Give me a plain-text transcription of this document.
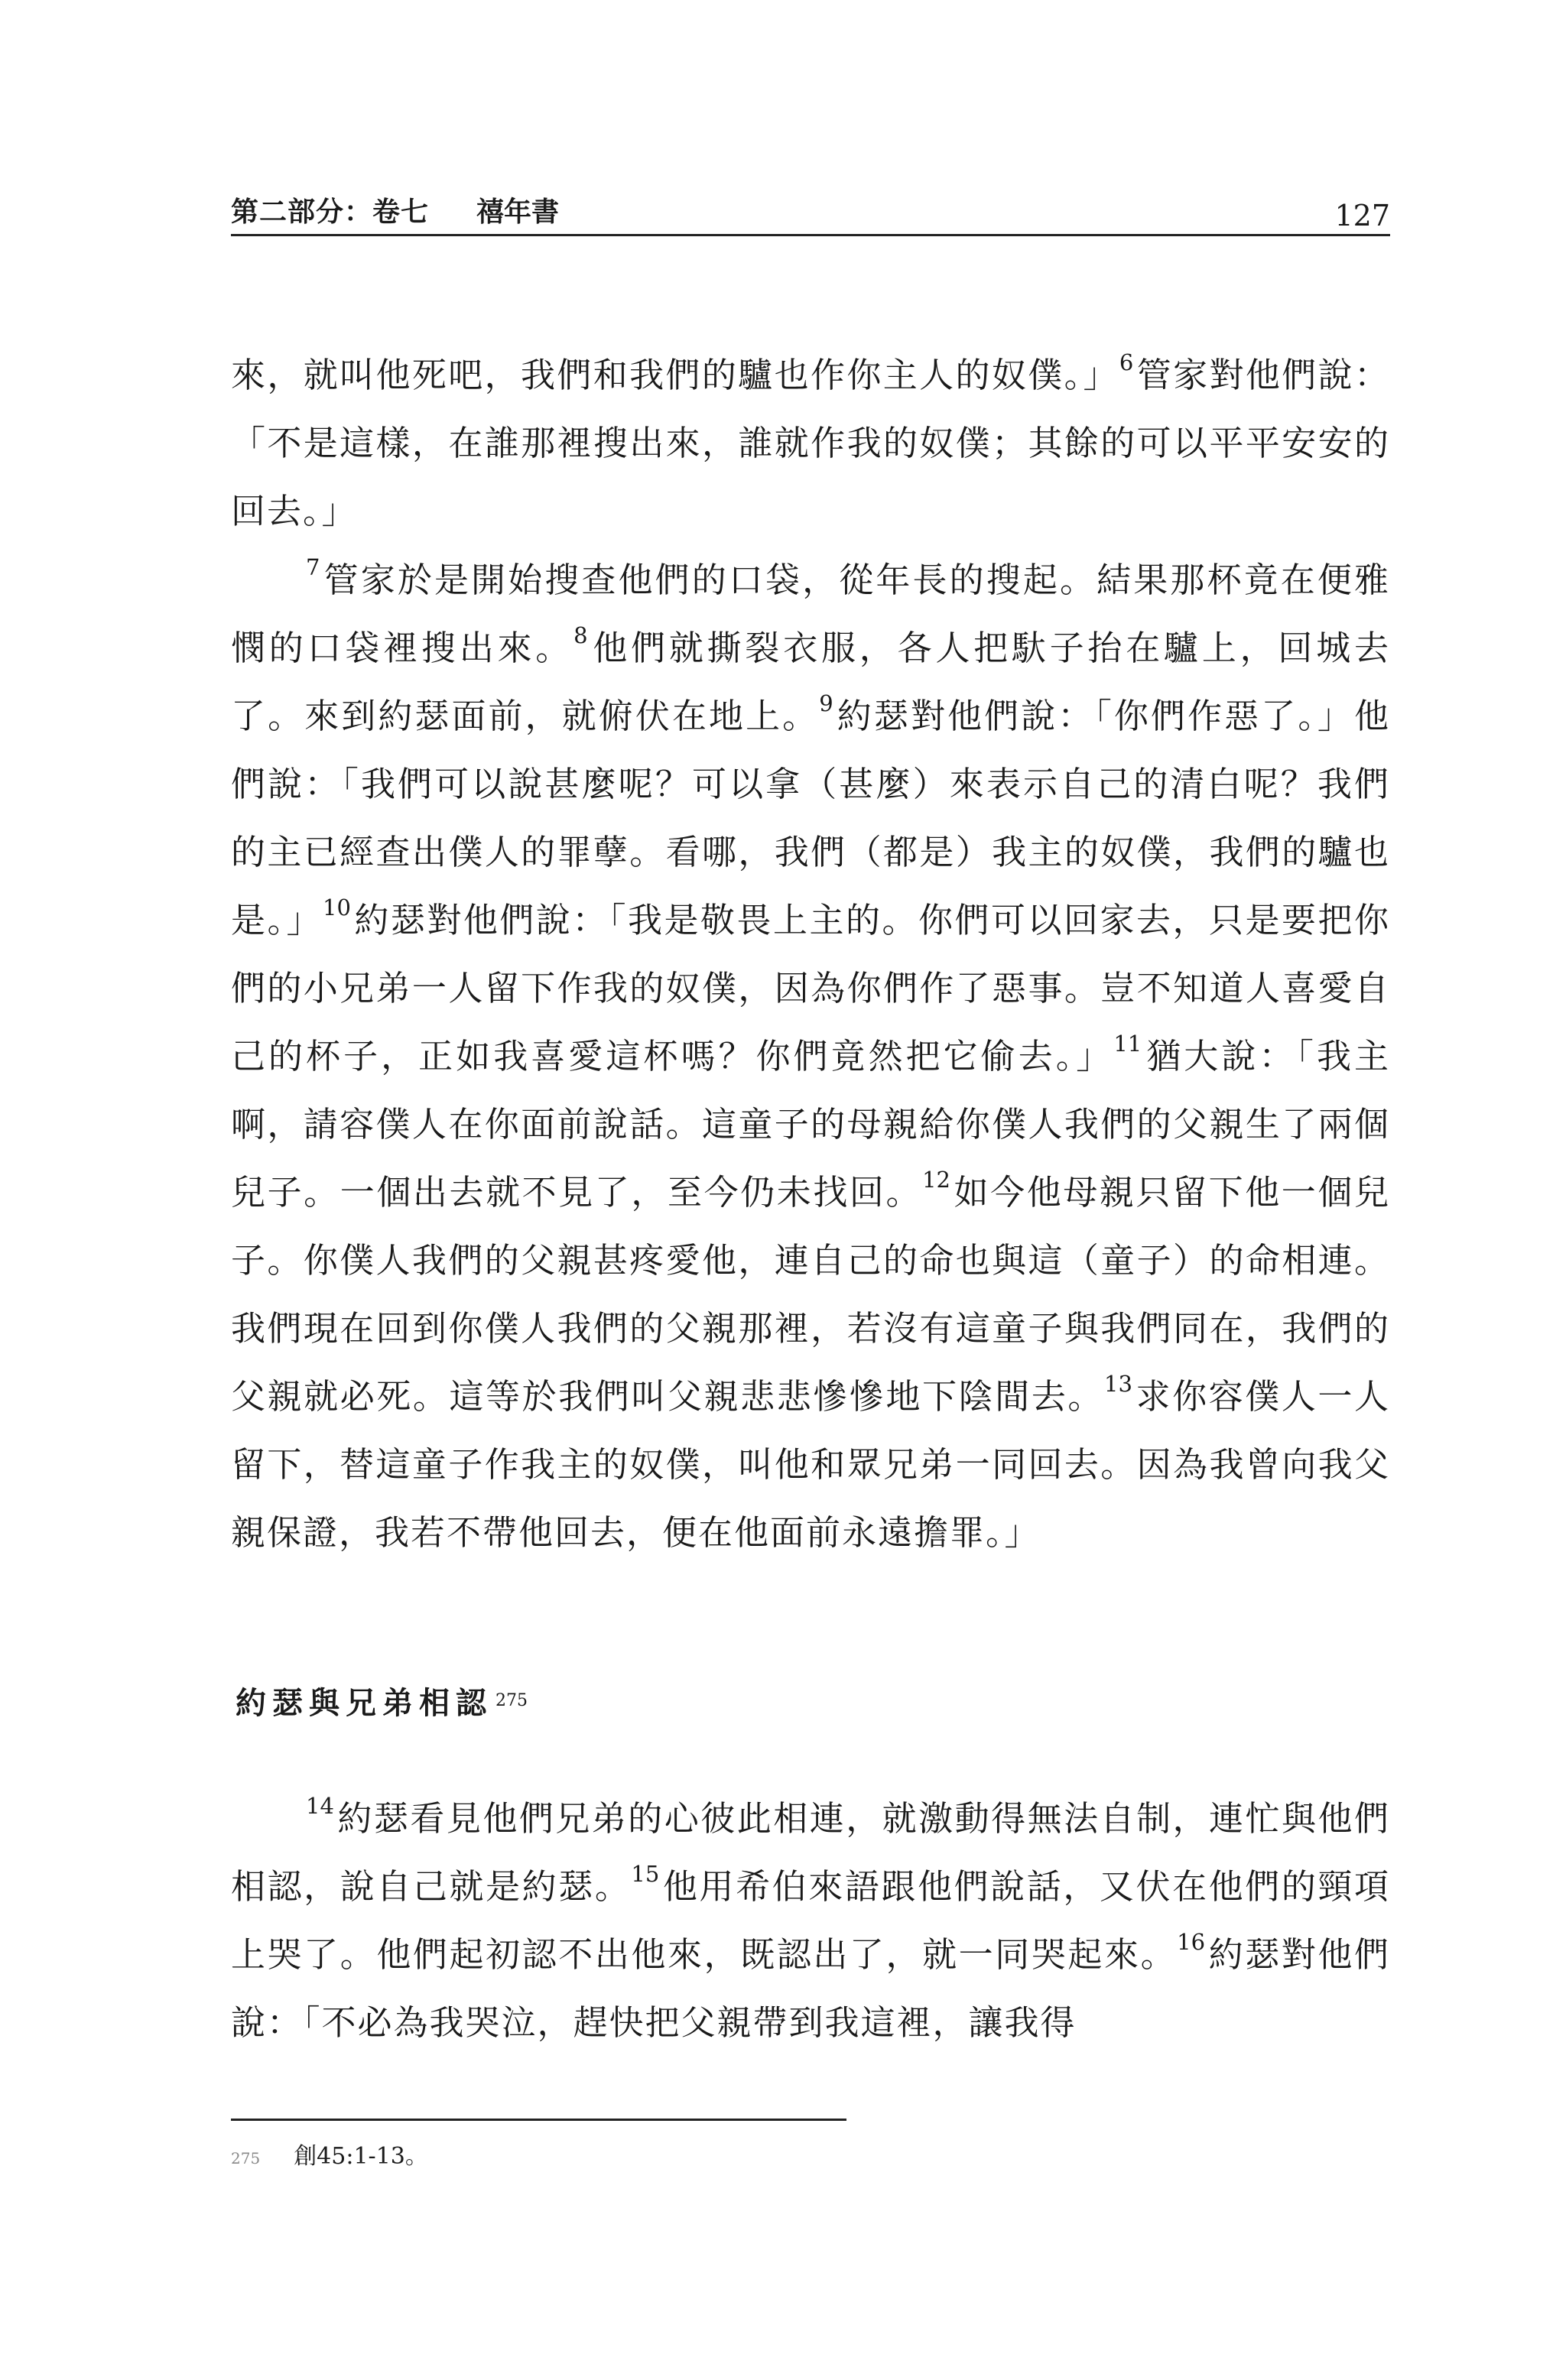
第二部分：卷七 禧年書	127

來，就叫他死吧，我們和我們的驢也作你主人的奴僕。」$^6$管家對他們說：「不是這樣，在誰那裡搜出來，誰就作我的奴僕；其餘的可以平平安安的回去。」

$^7$管家於是開始搜查他們的口袋，從年長的搜起。結果那杯竟在便雅憫的口袋裡搜出來。$^8$他們就撕裂衣服，各人把馱子抬在驢上，回城去了。來到約瑟面前，就俯伏在地上。$^9$約瑟對他們說：「你們作惡了。」他們說：「我們可以說甚麼呢？可以拿（甚麼）來表示自己的清白呢？我們的主已經查出僕人的罪孽。看哪，我們（都是）我主的奴僕，我們的驢也是。」$^{10}$約瑟對他們說：「我是敬畏上主的。你們可以回家去，只是要把你們的小兄弟一人留下作我的奴僕，因為你們作了惡事。豈不知道人喜愛自己的杯子，正如我喜愛這杯嗎？你們竟然把它偷去。」$^{11}$猶大說：「我主啊，請容僕人在你面前說話。這童子的母親給你僕人我們的父親生了兩個兒子。一個出去就不見了，至今仍未找回。$^{12}$如今他母親只留下他一個兒子。你僕人我們的父親甚疼愛他，連自己的命也與這（童子）的命相連。我們現在回到你僕人我們的父親那裡，若沒有這童子與我們同在，我們的父親就必死。這等於我們叫父親悲悲慘慘地下陰間去。$^{13}$求你容僕人一人留下，替這童子作我主的奴僕，叫他和眾兄弟一同回去。因為我曾向我父親保證，我若不帶他回去，便在他面前永遠擔罪。」

約瑟與兄弟相認 $^{275}$

$^{14}$約瑟看見他們兄弟的心彼此相連，就激動得無法自制，連忙與他們相認，說自己就是約瑟。$^{15}$他用希伯來語跟他們說話，又伏在他們的頸項上哭了。他們起初認不出他來，既認出了，就一同哭起來。$^{16}$約瑟對他們說：「不必為我哭泣，趕快把父親帶到我這裡，讓我得

275 創45:1-13。
